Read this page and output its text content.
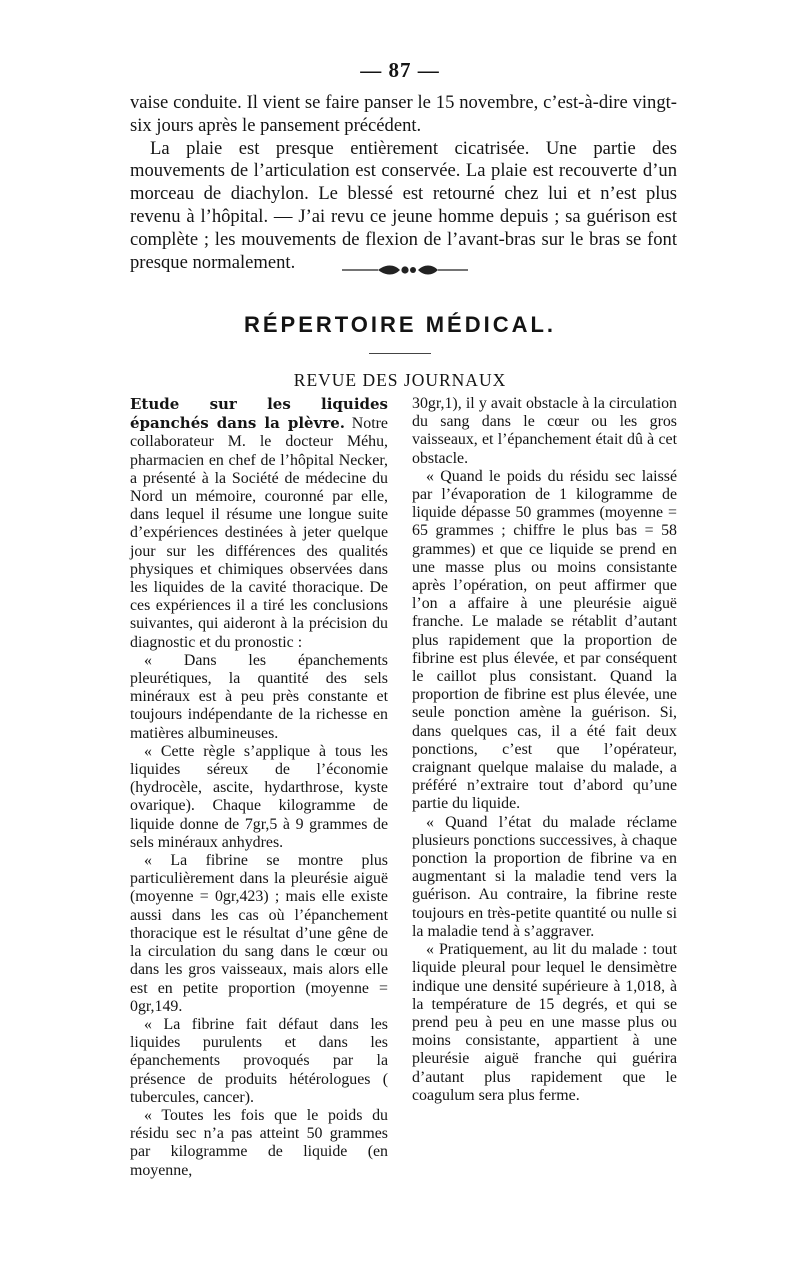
— 87 —

vaise conduite. Il vient se faire panser le 15 novembre, c’est-à-dire vingt-six jours après le pansement précédent.

La plaie est presque entièrement cicatrisée. Une partie des mouvements de l’articulation est conservée. La plaie est recouverte d’un morceau de diachylon. Le blessé est retourné chez lui et n’est plus revenu à l’hôpital. — J’ai revu ce jeune homme depuis ; sa guérison est complète ; les mouvements de flexion de l’avant-bras sur le bras se font presque normalement.

RÉPERTOIRE MÉDICAL.
REVUE DES JOURNAUX

Etude sur les liquides épanchés dans la plèvre. Notre collaborateur M. le docteur Méhu, pharmacien en chef de l’hôpital Necker, a présenté à la Société de médecine du Nord un mémoire, couronné par elle, dans lequel il résume une longue suite d’expériences destinées à jeter quelque jour sur les différences des qualités physiques et chimiques observées dans les liquides de la cavité thoracique. De ces expériences il a tiré les conclusions suivantes, qui aideront à la précision du diagnostic et du pronostic :

« Dans les épanchements pleurétiques, la quantité des sels minéraux est à peu près constante et toujours indépendante de la richesse en matières albumineuses.

« Cette règle s’applique à tous les liquides séreux de l’économie (hydrocèle, ascite, hydarthrose, kyste ovarique). Chaque kilogramme de liquide donne de 7gr,5 à 9 grammes de sels minéraux anhydres.

« La fibrine se montre plus particulièrement dans la pleurésie aiguë (moyenne = 0gr,423) ; mais elle existe aussi dans les cas où l’épanchement thoracique est le résultat d’une gêne de la circulation du sang dans le cœur ou dans les gros vaisseaux, mais alors elle est en petite proportion (moyenne = 0gr,149.

« La fibrine fait défaut dans les liquides purulents et dans les épanchements provoqués par la présence de produits hétérologues ( tubercules, cancer).

« Toutes les fois que le poids du résidu sec n’a pas atteint 50 grammes par kilogramme de liquide (en moyenne,

30gr,1), il y avait obstacle à la circulation du sang dans le cœur ou les gros vaisseaux, et l’épanchement était dû à cet obstacle.

« Quand le poids du résidu sec laissé par l’évaporation de 1 kilogramme de liquide dépasse 50 grammes (moyenne = 65 grammes ; chiffre le plus bas = 58 grammes) et que ce liquide se prend en une masse plus ou moins consistante après l’opération, on peut affirmer que l’on a affaire à une pleurésie aiguë franche. Le malade se rétablit d’autant plus rapidement que la proportion de fibrine est plus élevée, et par conséquent le caillot plus consistant. Quand la proportion de fibrine est plus élevée, une seule ponction amène la guérison. Si, dans quelques cas, il a été fait deux ponctions, c’est que l’opérateur, craignant quelque malaise du malade, a préféré n’extraire tout d’abord qu’une partie du liquide.

« Quand l’état du malade réclame plusieurs ponctions successives, à chaque ponction la proportion de fibrine va en augmentant si la maladie tend vers la guérison. Au contraire, la fibrine reste toujours en très-petite quantité ou nulle si la maladie tend à s’aggraver.

« Pratiquement, au lit du malade : tout liquide pleural pour lequel le densimètre indique une densité supérieure à 1,018, à la température de 15 degrés, et qui se prend peu à peu en une masse plus ou moins consistante, appartient à une pleurésie aiguë franche qui guérira d’autant plus rapidement que le coagulum sera plus ferme.
